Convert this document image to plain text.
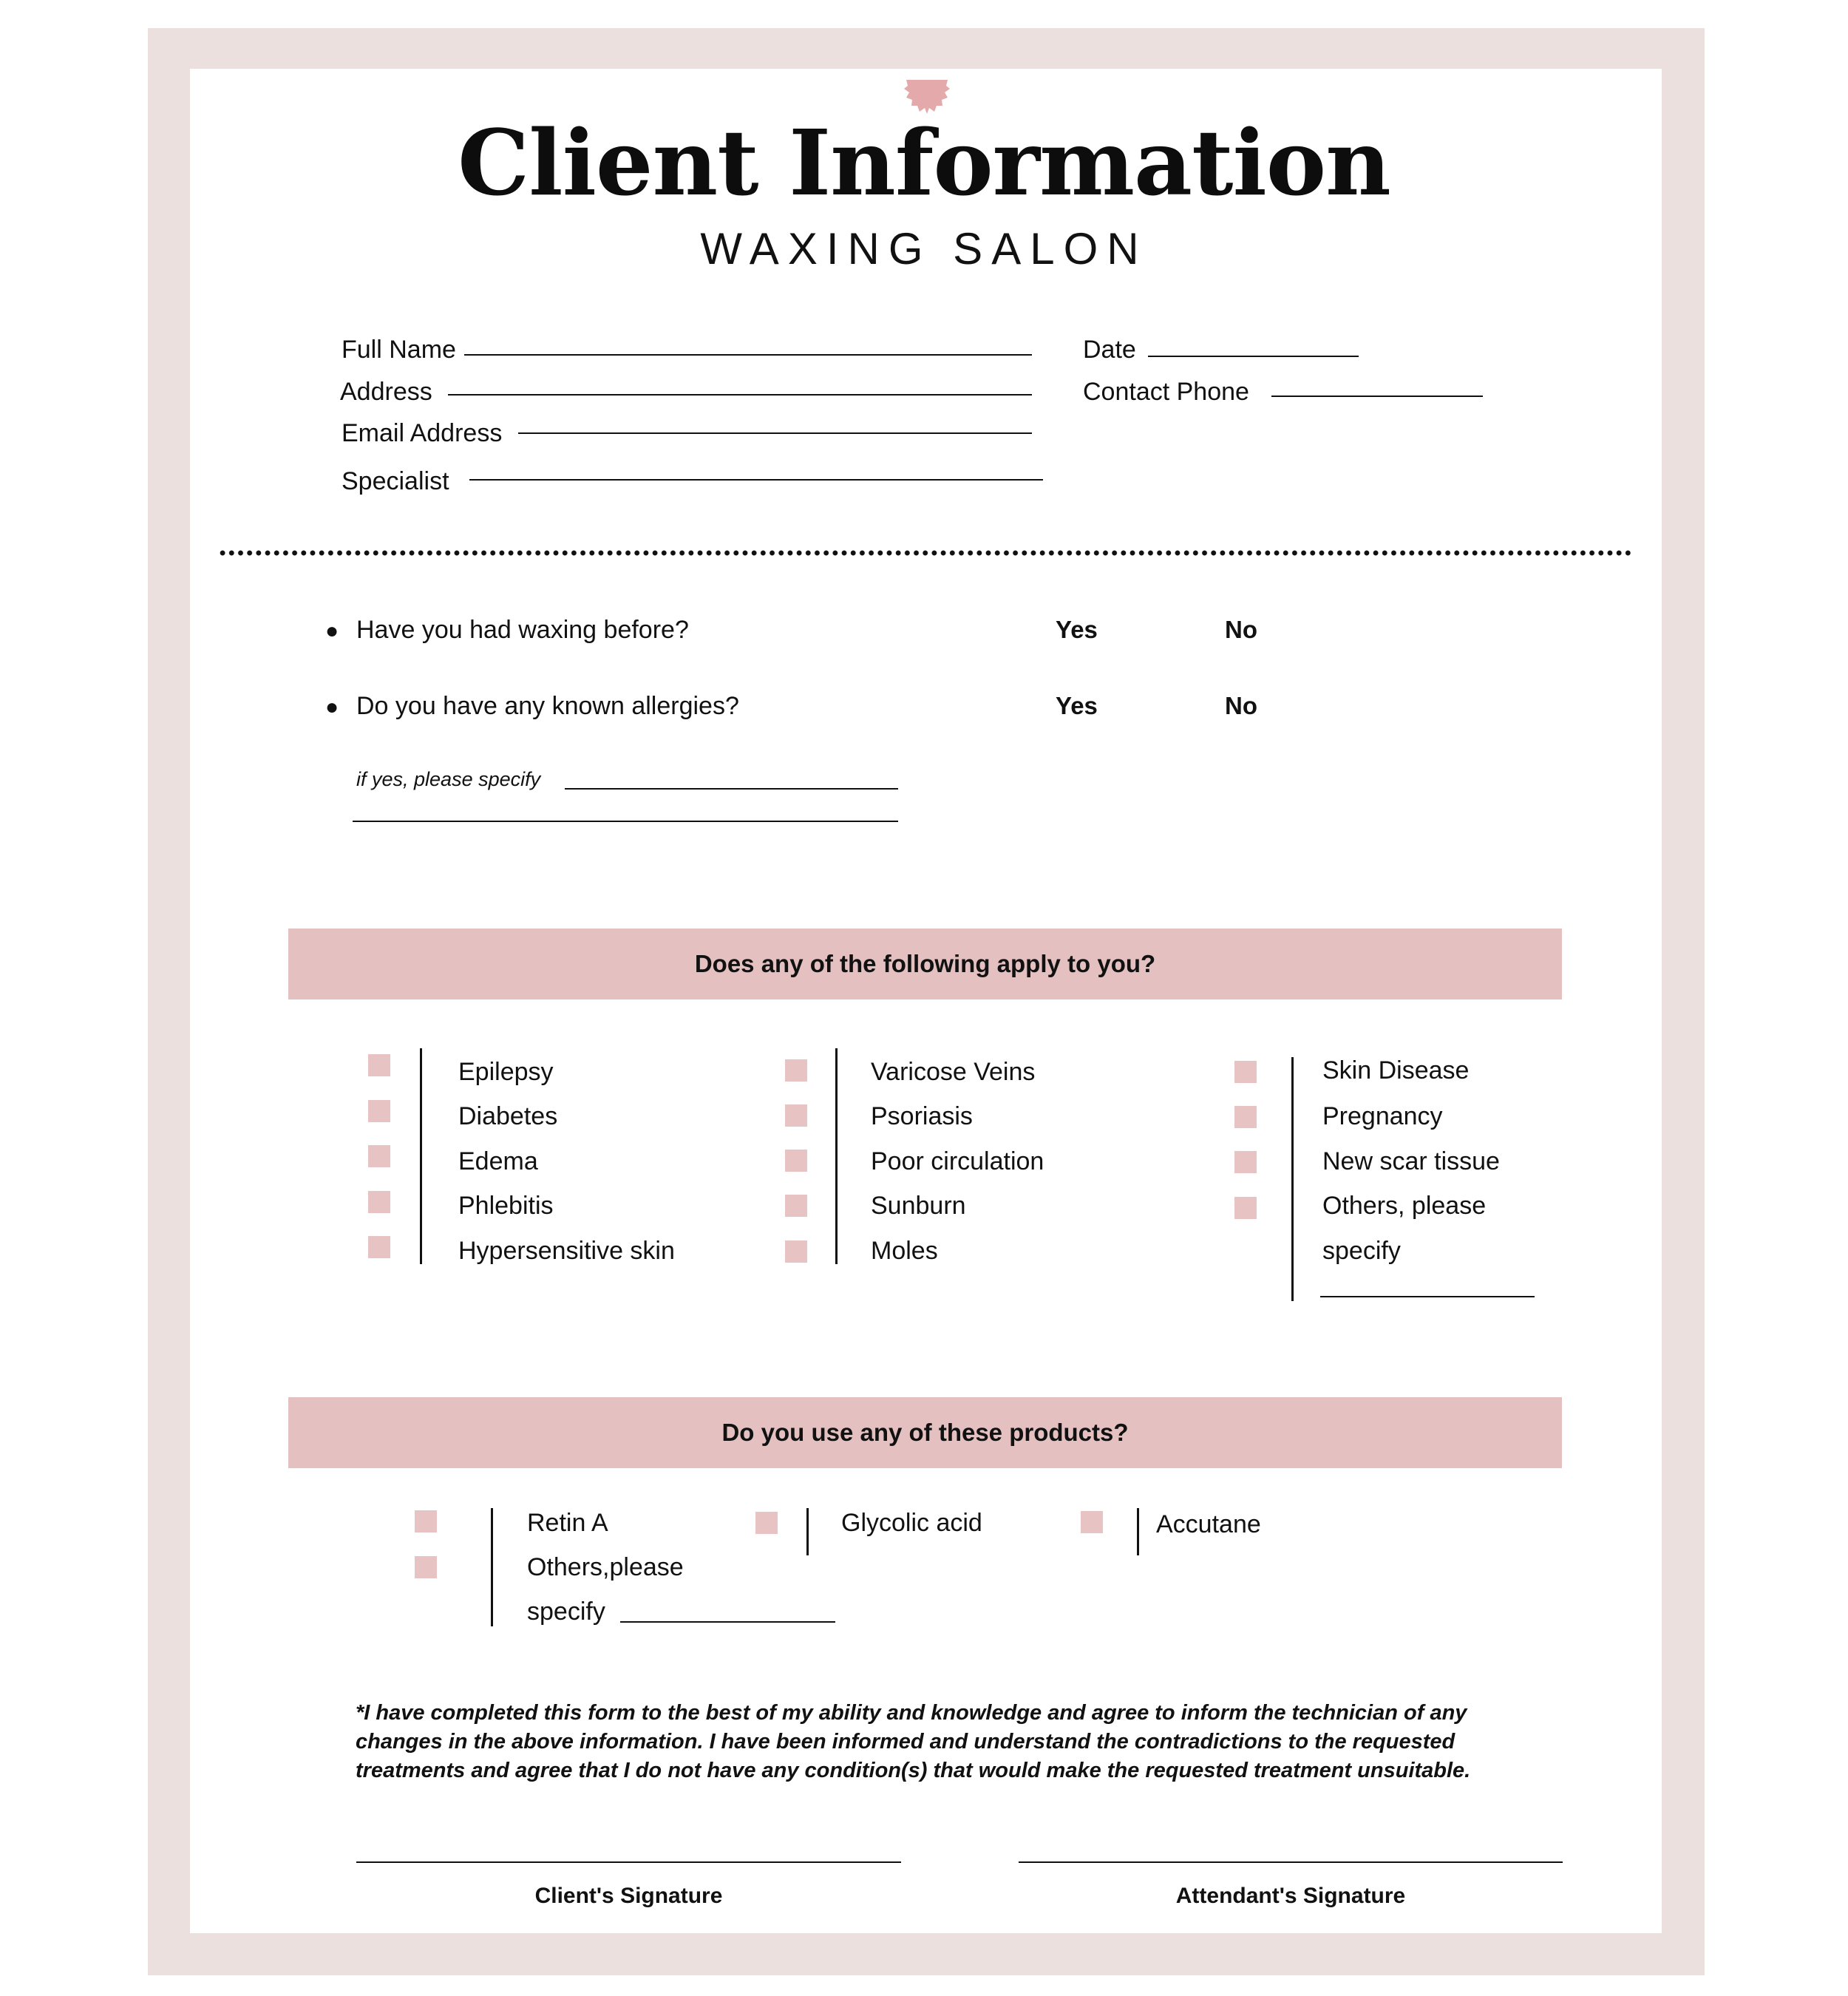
Client Information
WAXING SALON
Full Name
Address
Email Address
Specialist
Date
Contact Phone
● Have you had waxing before?	Yes	No
● Do you have any known allergies?	Yes	No
if yes, please specify
Does any of the following apply to you?
Epilepsy
Diabetes
Edema
Phlebitis
Hypersensitive skin
Varicose Veins
Psoriasis
Poor circulation
Sunburn
Moles
Skin Disease
Pregnancy
New scar tissue
Others, please
specify
Do you use any of these products?
Retin A
Others,please
specify
Glycolic acid	Accutane
*I have completed this form to the best of my ability and knowledge and agree to inform the technician of any changes in the above information. I have been informed and understand the contradictions to the requested treatments and agree that I do not have any condition(s) that would make the requested treatment unsuitable.
Client's Signature	Attendant's Signature
